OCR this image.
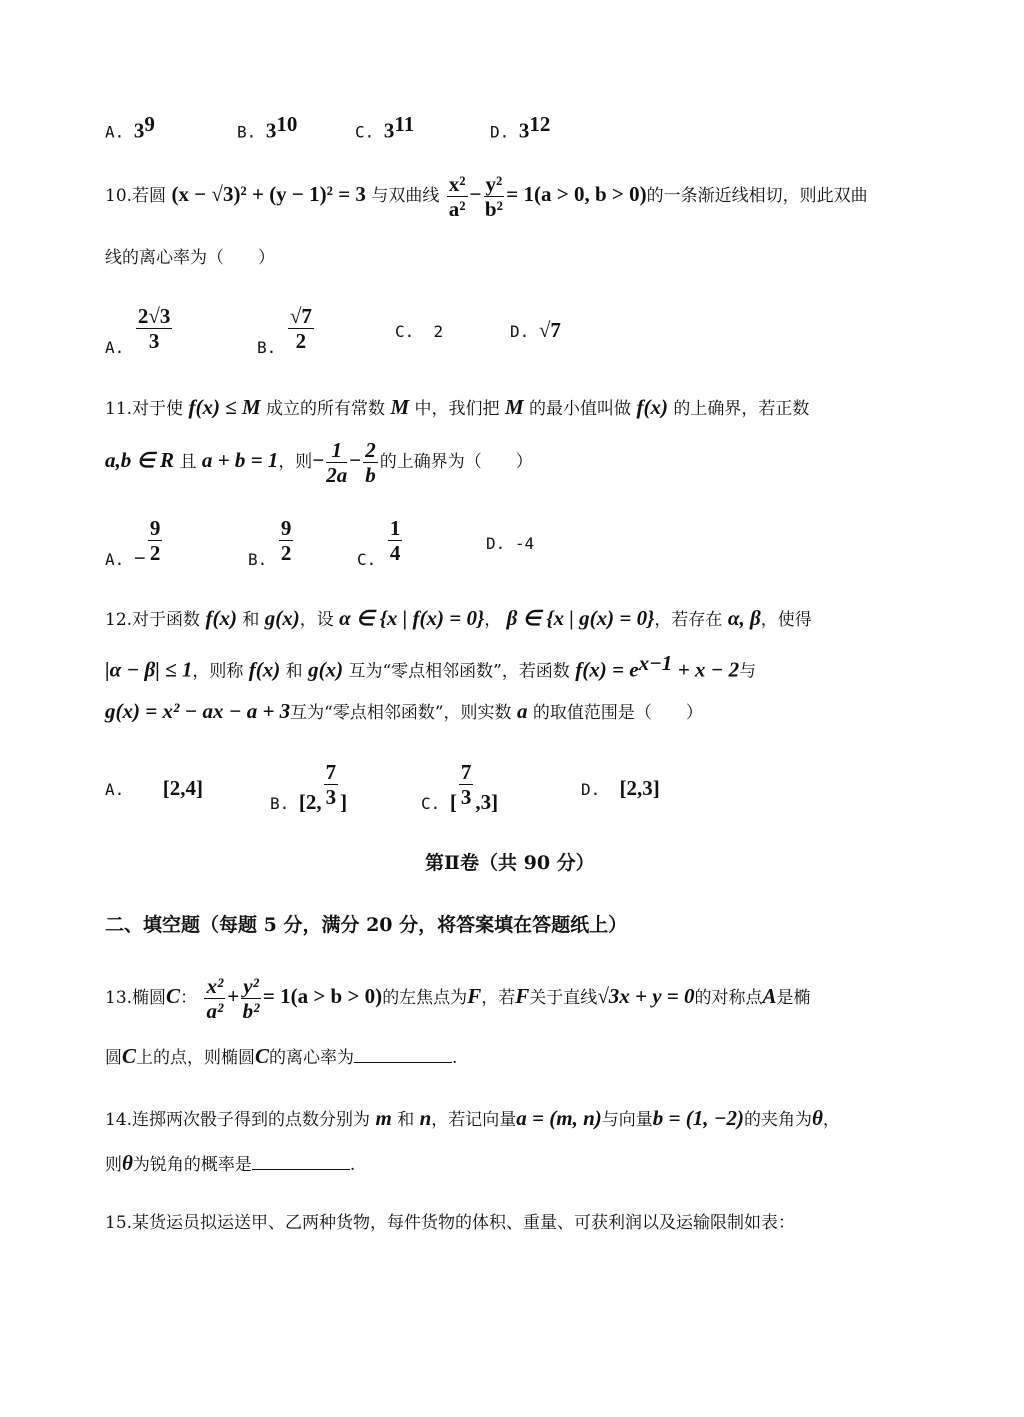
A. $3^9$	B. $3^{10}$	C. $3^{11}$	D. $3^{12}$
10.若圆 (x − √3)² + (y − 1)² = 3 与双曲线 $\frac{\text{x²}}{\text{a²}} - \frac{\text{y²}}{\text{b²}} = 1(a > 0$, b > 0)的一条渐近线相切，则此双曲
线的离心率为（　　）
A. $\frac{2√3}{3}$	B. $\frac{√7}{2}$	C. 2	D. √7
11.对于使 f(x) ≤ M 成立的所有常数 M 中，我们把 M 的最小值叫做 f(x) 的上确界，若正数
a,b ∈ R 且 a + b = 1，则− $\frac{1}{2a} - \frac{2}{b}$ 的上确界为（　　）
A. − $\frac{9}{2}$	B. $\frac{9}{2}$	C. $\frac{1}{4}$	D. -4
12.对于函数 f(x) 和 g(x)，设 α ∈ {x | f(x) = 0}， β ∈ {x | g(x) = 0}，若存在 α, β，使得
|α − β| ≤ 1，则称 f(x) 和 g(x) 互为“零点相邻函数”，若函数 $f(x) = e^{x-1} + x - 2$与
g(x) = x² − ax − a + 3互为“零点相邻函数”，则实数 a 的取值范围是（　　）
A. [2,4]
B. [2, $\frac{7}{3}$ ]	C. [ $\frac{7}{3} ,3$]
D. [2,3]
第Ⅱ卷（共 90 分）
二、填空题（每题 5 分，满分 20 分，将答案填在答题纸上）
13.椭圆C： $\frac{\text{x²}}{\text{a²}} + \frac{\text{y²}}{\text{b²}} = 1(a > b > 0)$的左焦点为F，若F关于直线√3x + y = 0的对称点A是椭
圆C上的点，则椭圆C的离心率为	.
14.连掷两次骰子得到的点数分别为 m 和 n，若记向量a = (m, n)与向量b = (1, −2)的夹角为θ，
则θ为锐角的概率是	.
15.某货运员拟运送甲、乙两种货物，每件货物的体积、重量、可获利润以及运输限制如表：
